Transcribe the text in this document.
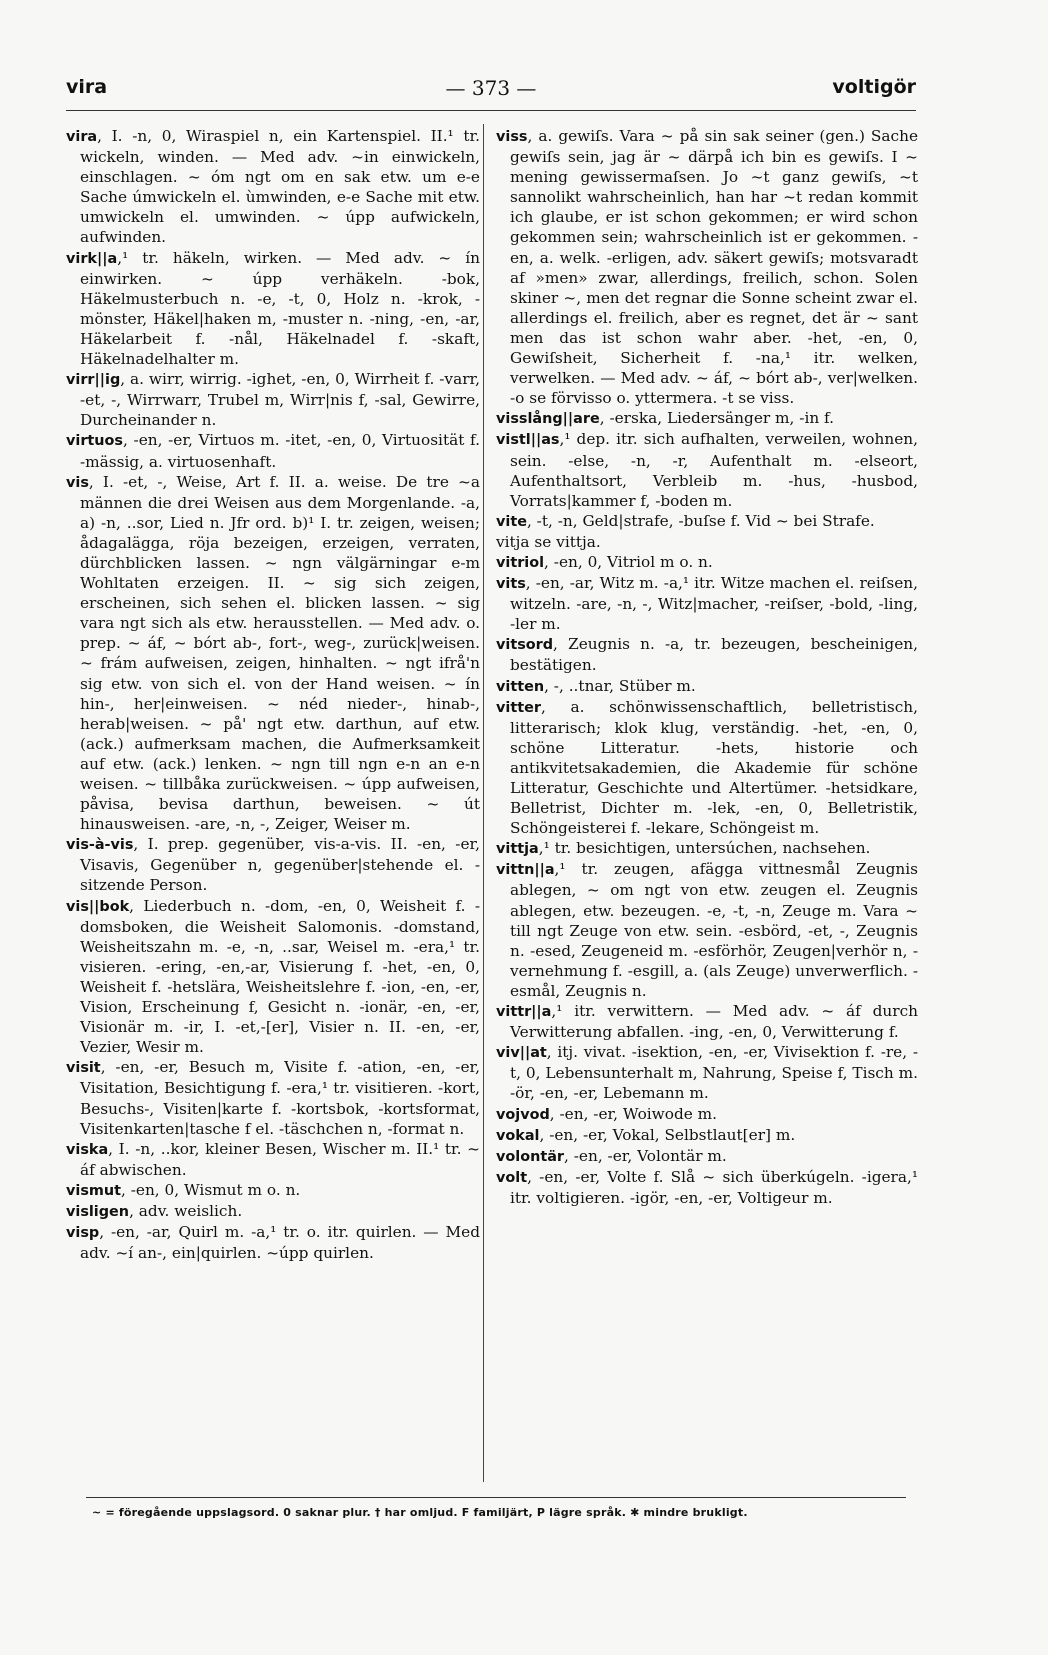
vira	— 373 —	voltigör

vira, I. -n, 0, Wiraspiel n, ein Kartenspiel. II.¹ tr. wickeln, winden. — Med adv. ~in einwickeln, einschlagen. ~ óm ngt om en sak etw. um e-e Sache úmwickeln el. ùmwinden, e-e Sache mit etw. umwickeln el. umwinden. ~ úpp aufwickeln, aufwinden.

virk||a,¹ tr. häkeln, wirken. — Med adv. ~ ín einwirken. ~ úpp verhäkeln. -bok, Häkelmusterbuch n. -e, -t, 0, Holz n. -krok, -mönster, Häkel|haken m, -muster n. -ning, -en, -ar, Häkelarbeit f. -nål, Häkelnadel f. -skaft, Häkelnadelhalter m.

virr||ig, a. wirr, wirrig. -ighet, -en, 0, Wirrheit f. -varr, -et, -, Wirrwarr, Trubel m, Wirr|nis f, -sal, Gewirre, Durcheinander n.

virtuos, -en, -er, Virtuos m. -itet, -en, 0, Virtuosität f. -mässig, a. virtuosenhaft.

vis, I. -et, -, Weise, Art f. II. a. weise. De tre ~a männen die drei Weisen aus dem Morgenlande. -a, a) -n, ..sor, Lied n. Jfr ord. b)¹ I. tr. zeigen, weisen; ådagalägga, röja bezeigen, erzeigen, verraten, dürchblicken lassen. ~ ngn välgärningar e-m Wohltaten erzeigen. II. ~ sig sich zeigen, erscheinen, sich sehen el. blicken lassen. ~ sig vara ngt sich als etw. herausstellen. — Med adv. o. prep. ~ áf, ~ bórt ab-, fort-, weg-, zurück|weisen. ~ frám aufweisen, zeigen, hinhalten. ~ ngt ifrå'n sig etw. von sich el. von der Hand weisen. ~ ín hin-, her|einweisen. ~ néd nieder-, hinab-, herab|weisen. ~ på' ngt etw. darthun, auf etw. (ack.) aufmerksam machen, die Aufmerksamkeit auf etw. (ack.) lenken. ~ ngn till ngn e-n an e-n weisen. ~ tillbåka zurückweisen. ~ úpp aufweisen, påvisa, bevisa darthun, beweisen. ~ út hinausweisen. -are, -n, -, Zeiger, Weiser m.

vis-à-vis, I. prep. gegenüber, vis-a-vis. II. -en, -er, Visavis, Gegenüber n, gegenüber|stehende el. -sitzende Person.

vis||bok, Liederbuch n. -dom, -en, 0, Weisheit f. -domsboken, die Weisheit Salomonis. -domstand, Weisheitszahn m. -e, -n, ..sar, Weisel m. -era,¹ tr. visieren. -ering, -en,-ar, Visierung f. -het, -en, 0, Weisheit f. -hetslära, Weisheitslehre f. -ion, -en, -er, Vision, Erscheinung f, Gesicht n. -ionär, -en, -er, Visionär m. -ir, I. -et,-[er], Visier n. II. -en, -er, Vezier, Wesir m.

visit, -en, -er, Besuch m, Visite f. -ation, -en, -er, Visitation, Besichtigung f. -era,¹ tr. visitieren. -kort, Besuchs-, Visiten|karte f. -kortsbok, -kortsformat, Visitenkarten|tasche f el. -täschchen n, -format n.

viska, I. -n, ..kor, kleiner Besen, Wischer m. II.¹ tr. ~ áf abwischen.

vismut, -en, 0, Wismut m o. n.

visligen, adv. weislich.

visp, -en, -ar, Quirl m. -a,¹ tr. o. itr. quirlen. — Med adv. ~í an-, ein|quirlen. ~úpp quirlen.

viss, a. gewiſs. Vara ~ på sin sak seiner (gen.) Sache gewiſs sein, jag är ~ därpå ich bin es gewiſs. I ~ mening gewissermaſsen. Jo ~t ganz gewiſs, ~t sannolikt wahrscheinlich, han har ~t redan kommit ich glaube, er ist schon gekommen; er wird schon gekommen sein; wahrscheinlich ist er gekommen. -en, a. welk. -erligen, adv. säkert gewiſs; motsvaradt af »men» zwar, allerdings, freilich, schon. Solen skiner ~, men det regnar die Sonne scheint zwar el. allerdings el. freilich, aber es regnet, det är ~ sant men das ist schon wahr aber. -het, -en, 0, Gewiſsheit, Sicherheit f. -na,¹ itr. welken, verwelken. — Med adv. ~ áf, ~ bórt ab-, ver|welken. -o se förvisso o. yttermera. -t se viss.

visslång||are, -erska, Liedersänger m, -in f.

vistl||as,¹ dep. itr. sich aufhalten, verweilen, wohnen, sein. -else, -n, -r, Aufenthalt m. -elseort, Aufenthaltsort, Verbleib m. -hus, -husbod, Vorrats|kammer f, -boden m.

vite, -t, -n, Geld|strafe, -buſse f. Vid ~ bei Strafe.

vitja se vittja.

vitriol, -en, 0, Vitriol m o. n.

vits, -en, -ar, Witz m. -a,¹ itr. Witze machen el. reiſsen, witzeln. -are, -n, -, Witz|macher, -reiſser, -bold, -ling, -ler m.

vitsord, Zeugnis n. -a, tr. bezeugen, bescheinigen, bestätigen.

vitten, -, ..tnar, Stüber m.

vitter, a. schönwissenschaftlich, belletristisch, litterarisch; klok klug, verständig. -het, -en, 0, schöne Litteratur. -hets, historie och antikvitetsakademien, die Akademie für schöne Litteratur, Geschichte und Altertümer. -hetsidkare, Belletrist, Dichter m. -lek, -en, 0, Belletristik, Schöngeisterei f. -lekare, Schöngeist m.

vittja,¹ tr. besichtigen, untersúchen, nachsehen.

vittn||a,¹ tr. zeugen, afägga vittnesmål Zeugnis ablegen, ~ om ngt von etw. zeugen el. Zeugnis ablegen, etw. bezeugen. -e, -t, -n, Zeuge m. Vara ~ till ngt Zeuge von etw. sein. -esbörd, -et, -, Zeugnis n. -esed, Zeugeneid m. -esförhör, Zeugen|verhör n, -vernehmung f. -esgill, a. (als Zeuge) unverwerflich. -esmål, Zeugnis n.

vittr||a,¹ itr. verwittern. — Med adv. ~ áf durch Verwitterung abfallen. -ing, -en, 0, Verwitterung f.

viv||at, itj. vivat. -isektion, -en, -er, Vivisektion f. -re, -t, 0, Lebensunterhalt m, Nahrung, Speise f, Tisch m. -ör, -en, -er, Lebemann m.

vojvod, -en, -er, Woiwode m.

vokal, -en, -er, Vokal, Selbstlaut[er] m.

volontär, -en, -er, Volontär m.

volt, -en, -er, Volte f. Slå ~ sich überkúgeln. -igera,¹ itr. voltigieren. -igör, -en, -er, Voltigeur m.

~ = föregående uppslagsord. 0 saknar plur. † har omljud. F familjärt, P lägre språk. ✱ mindre brukligt.
